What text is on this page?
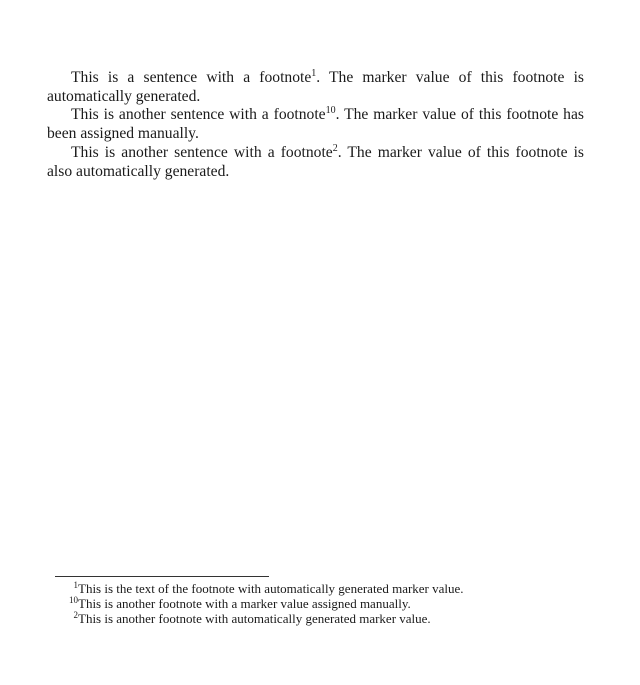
This is a sentence with a footnote$^1$. The marker value of this footnote is automatically generated.

This is another sentence with a footnote$^{10}$. The marker value of this footnote has been assigned manually.

This is another sentence with a footnote$^2$. The marker value of this footnote is also automatically generated.

1This is the text of the footnote with automatically generated marker value.
10This is another footnote with a marker value assigned manually.
2This is another footnote with automatically generated marker value.
